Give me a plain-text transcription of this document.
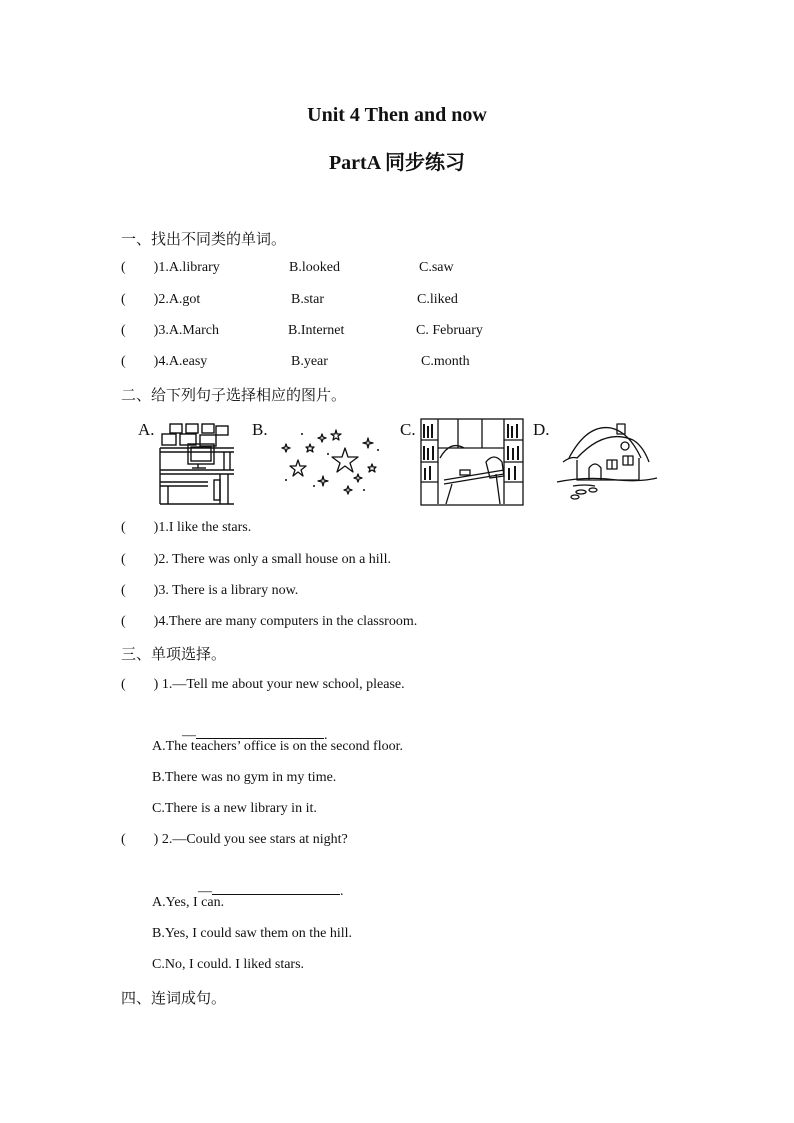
Unit 4 Then and now
PartA 同步练习
一、找出不同类的单词。
(        )1.A.library	B.looked	C.saw
(        )2.A.got	B.star	C.liked
(        )3.A.March	B.Internet	C. February
(        )4.A.easy	B.year	C.month
二、给下列句子选择相应的图片。
A.	B.	C.	D.
(        )1.I like the stars.
(        )2. There was only a small house on a hill.
(        )3. There is a library now.
(        )4.There are many computers in the classroom.
三、单项选择。
(        ) 1.—Tell me about your new school, please.

—	.

A.The teachers’ office is on the second floor.
B.There was no gym in my time.
C.There is a new library in it.
(        ) 2.—Could you see stars at night?

—	.

A.Yes, I can.
B.Yes, I could saw them on the hill.
C.No, I could. I liked stars.
四、连词成句。
